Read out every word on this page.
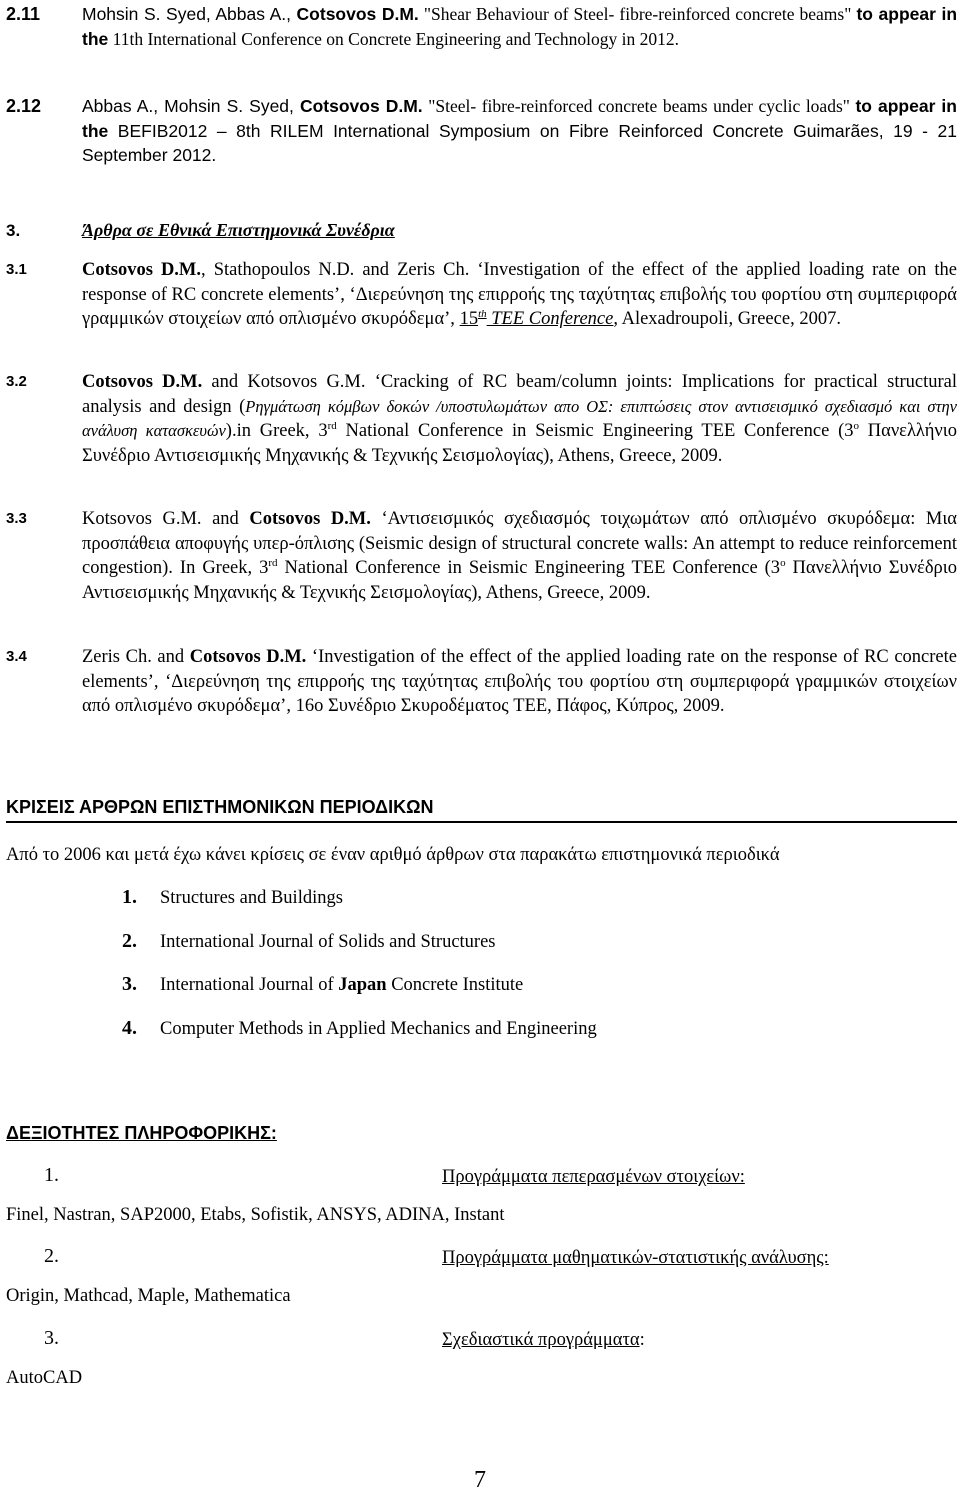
2.11 Mohsin S. Syed, Abbas A., Cotsovos D.M. "Shear Behaviour of Steel- fibre-reinforced concrete beams" to appear in the 11th International Conference on Concrete Engineering and Technology in 2012.
2.12 Abbas A., Mohsin S. Syed, Cotsovos D.M. "Steel- fibre-reinforced concrete beams under cyclic loads" to appear in the BEFIB2012 – 8th RILEM International Symposium on Fibre Reinforced Concrete Guimarães, 19 - 21 September 2012.
3.	Άρθρα σε Εθνικά Επιστημονικά Συνέδρια
3.1	Cotsovos D.M., Stathopoulos N.D. and Zeris Ch. ‘Investigation of the effect of the applied loading rate on the response of RC concrete elements’, ‘Διερεύνηση της επιρροής της ταχύτητας επιβολής του φορτίου στη συμπεριφορά γραμμικών στοιχείων από οπλισμένο σκυρόδεμα’, 15th TEE Conference, Alexadroupoli, Greece, 2007.
3.2	Cotsovos D.M. and Kotsovos G.M. ‘Cracking of RC beam/column joints: Implications for practical structural analysis and design (Ρηγμάτωση κόμβων δοκών /υποστυλωμάτων απο ΟΣ: επιπτώσεις στον αντισεισμικό σχεδιασμό και στην ανάλυση κατασκευών).in Greek, 3rd National Conference in Seismic Engineering TEE Conference ($3^o$ Πανελλήνιο Συνέδριο Αντισεισμικής Μηχανικής & Τεχνικής Σεισμολογίας), Athens, Greece, 2009.
3.3	Kotsovos G.M. and Cotsovos D.M. ‘Αντισεισμικός σχεδιασμός τοιχωμάτων από οπλισμένο σκυρόδεμα: Μια προσπάθεια αποφυγής υπερ-όπλισης (Seismic design of structural concrete walls: An attempt to reduce reinforcement congestion). In Greek, 3rd National Conference in Seismic Engineering TEE Conference ($3^o$ Πανελλήνιο Συνέδριο Αντισεισμικής Μηχανικής & Τεχνικής Σεισμολογίας), Athens, Greece, 2009.
3.4	Zeris Ch. and Cotsovos D.M. ‘Investigation of the effect of the applied loading rate on the response of RC concrete elements’, ‘Διερεύνηση της επιρροής της ταχύτητας επιβολής του φορτίου στη συμπεριφορά γραμμικών στοιχείων από οπλισμένο σκυρόδεμα’, 16ο Συνέδριο Σκυροδέματος TEE, Πάφος, Κύπρος, 2009.
ΚΡΙΣΕΙΣ ΑΡΘΡΩΝ ΕΠΙΣΤΗΜΟΝΙΚΩΝ ΠΕΡΙΟΔΙΚΩΝ
Από το 2006 και μετά έχω κάνει κρίσεις σε έναν αριθμό άρθρων στα παρακάτω επιστημονικά περιοδικά
1. Structures and Buildings
2. International Journal of Solids and Structures
3. International Journal of Japan Concrete Institute
4. Computer Methods in Applied Mechanics and Engineering
ΔΕΞΙΟΤΗΤΕΣ ΠΛΗΡΟΦΟΡΙΚΗΣ:
1.	Προγράμματα πεπερασμένων στοιχείων:
Finel, Nastran, SAP2000, Etabs, Sofistik, ANSYS, ADINA, Instant
2.	Προγράμματα μαθηματικών-στατιστικής ανάλυσης:
Origin, Mathcad, Maple, Mathematica
3.	Σχεδιαστικά προγράμματα:
AutoCAD
7
